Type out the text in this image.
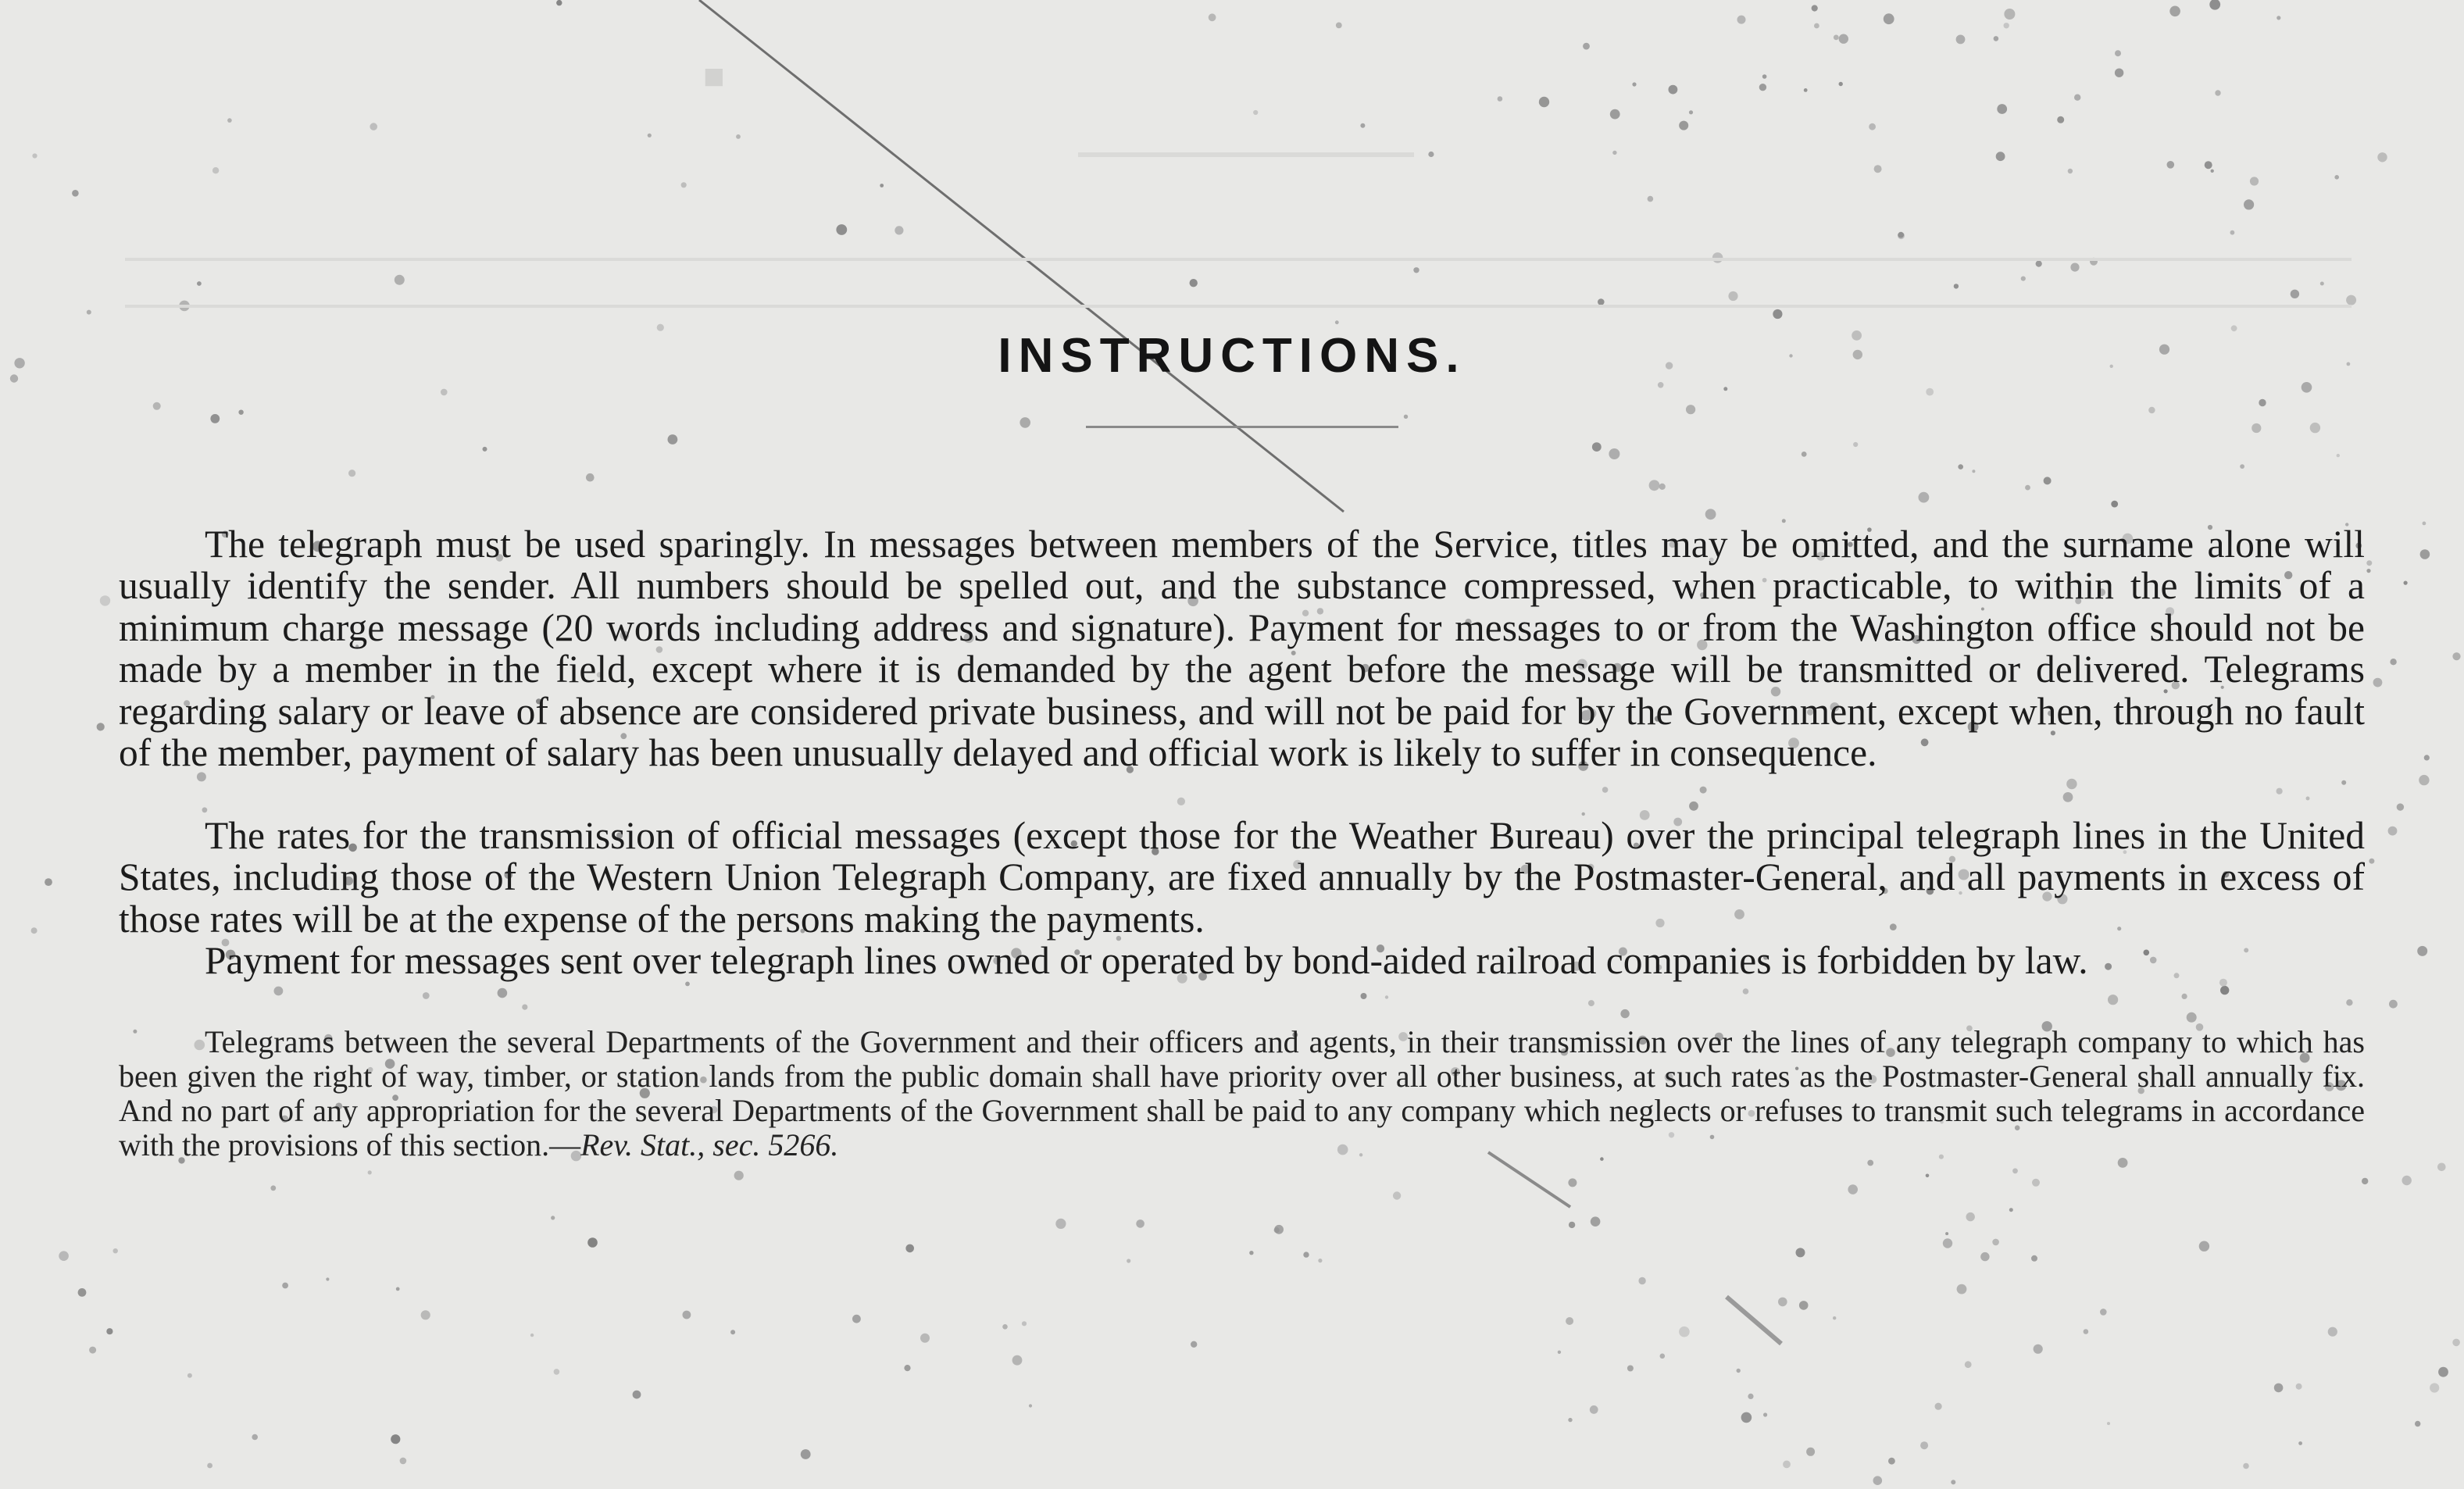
■
INSTRUCTIONS.

The telegraph must be used sparingly. In messages between members of the Service, titles may be omitted, and the surname alone will usually identify the sender. All numbers should be spelled out, and the substance compressed, when practicable, to within the limits of a minimum charge message (20 words including address and signature). Payment for messages to or from the Washington office should not be made by a member in the field, except where it is demanded by the agent before the message will be transmitted or delivered. Telegrams regarding salary or leave of absence are considered private business, and will not be paid for by the Government, except when, through no fault of the member, payment of salary has been unusually delayed and official work is likely to suffer in consequence.

The rates for the transmission of official messages (except those for the Weather Bureau) over the principal telegraph lines in the United States, including those of the Western Union Telegraph Company, are fixed annually by the Postmaster-General, and all payments in excess of those rates will be at the expense of the persons making the payments.

Payment for messages sent over telegraph lines owned or operated by bond-aided railroad companies is forbidden by law.

Telegrams between the several Departments of the Government and their officers and agents, in their transmission over the lines of any telegraph company to which has been given the right of way, timber, or station lands from the public domain shall have priority over all other business, at such rates as the Postmaster-General shall annually fix. And no part of any appropriation for the several Departments of the Government shall be paid to any company which neglects or refuses to transmit such telegrams in accordance with the provisions of this section.—Rev. Stat., sec. 5266.
